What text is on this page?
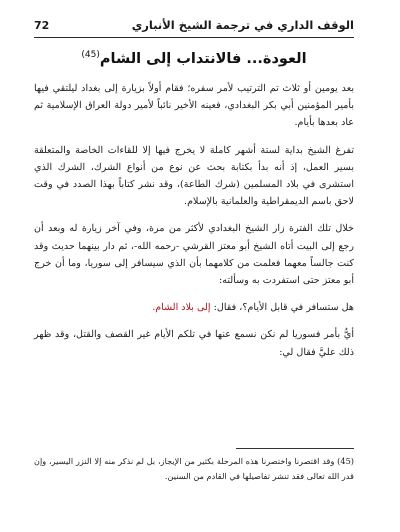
الوقف الداري في ترجمة الشيخ الأنباري
72
العودة... فالانتداب إلى الشام$^{(45)}$

بعد يومين أو ثلاث تم الترتيب لأمر سفره؛ فقام أولاً بزيارة إلى بغداد ليلتقي فيها بأمير المؤمنين أبي بكر البغدادي، فعينه الأخير نائباً لأمير دولة العراق الإسلامية ثم عاد بعدها بأيام.

تفرغ الشيخ بداية لستة أشهر كاملة لا يخرج فيها إلا للقاءات الخاصة والمتعلقة بسير العمل، إذ أنه بدأ بكتابة بحث عن نوع من أنواع الشرك، الشرك الذي استشرى في بلاد المسلمين (شرك الطاعة)، وقد نشر كتاباً بهذا الصدد في وقت لاحق باسم الديمقراطية والعلمانية بالإسلام.

خلال تلك الفترة زار الشيخ البغدادي لأكثر من مرة، وفي آخر زيارة له وبعد أن رجع إلى البيت أتاه الشيخ أبو معتز القرشي -رحمه الله-، ثم دار بينهما حديث وقد كنت جالساً معهما فعلمت من كلامهما بأن الذي سيسافر إلى سوريا، وما أن خرج أبو معتز حتى استفردت به وسألته:

هل ستسافر في قابل الأيام؟، فقال: إلى بلاد الشام.

أيُّ بأمر فسوريا لم نكن نسمع عنها في تلكم الأيام غير القصف والقتل، وقد ظهر ذلك عليَّ فقال لي:

(45) وقد اقتصرنا واختصرنا هذه المرحلة بكثير من الإيجاز، بل لم نذكر منه إلا النزر اليسير، وإن قدر الله تعالى فقد تنشر تفاصيلها في القادم من السنين.
